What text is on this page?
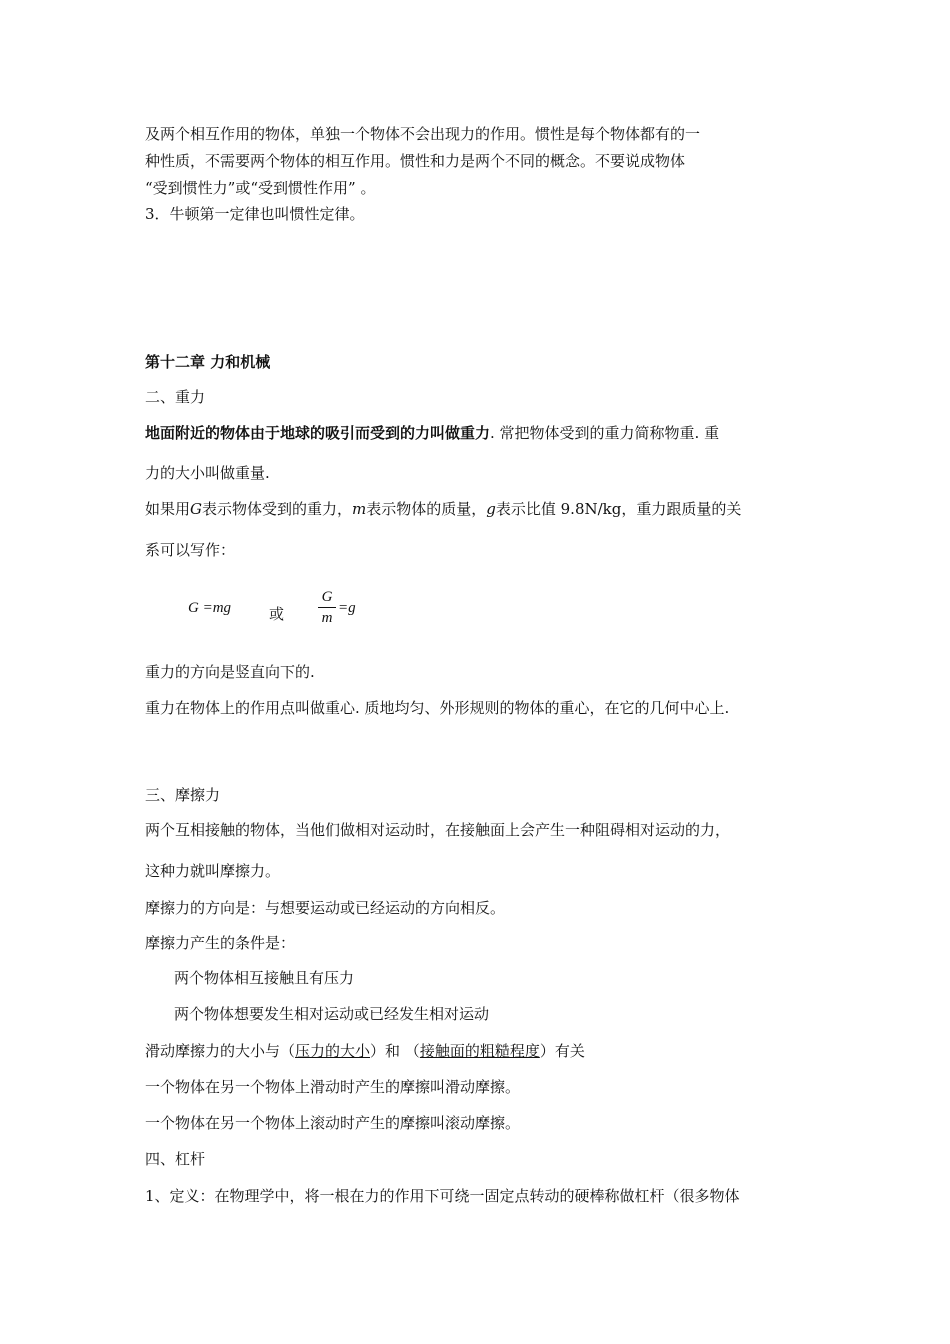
及两个相互作用的物体，单独一个物体不会出现力的作用。惯性是每个物体都有的一
种性质，不需要两个物体的相互作用。惯性和力是两个不同的概念。不要说成物体
“受到惯性力”或“受到惯性作用” 。
3．牛顿第一定律也叫惯性定律。
第十二章 力和机械
二、重力
地面附近的物体由于地球的吸引而受到的力叫做重力. 常把物体受到的重力简称物重. 重
力的大小叫做重量.
如果用G表示物体受到的重力，m表示物体的质量，g表示比值 9.8N/kg，重力跟质量的关
系可以写作：
G =mg	或
G
m
=g
重力的方向是竖直向下的.
重力在物体上的作用点叫做重心. 质地均匀、外形规则的物体的重心，在它的几何中心上.
三、摩擦力
两个互相接触的物体，当他们做相对运动时，在接触面上会产生一种阻碍相对运动的力，
这种力就叫摩擦力。
摩擦力的方向是：与想要运动或已经运动的方向相反。
摩擦力产生的条件是：
两个物体相互接触且有压力
两个物体想要发生相对运动或已经发生相对运动
滑动摩擦力的大小与（压力的大小）和 （接触面的粗糙程度）有关
一个物体在另一个物体上滑动时产生的摩擦叫滑动摩擦。
一个物体在另一个物体上滚动时产生的摩擦叫滚动摩擦。
四、杠杆
1、定义：在物理学中，将一根在力的作用下可绕一固定点转动的硬棒称做杠杆（很多物体
